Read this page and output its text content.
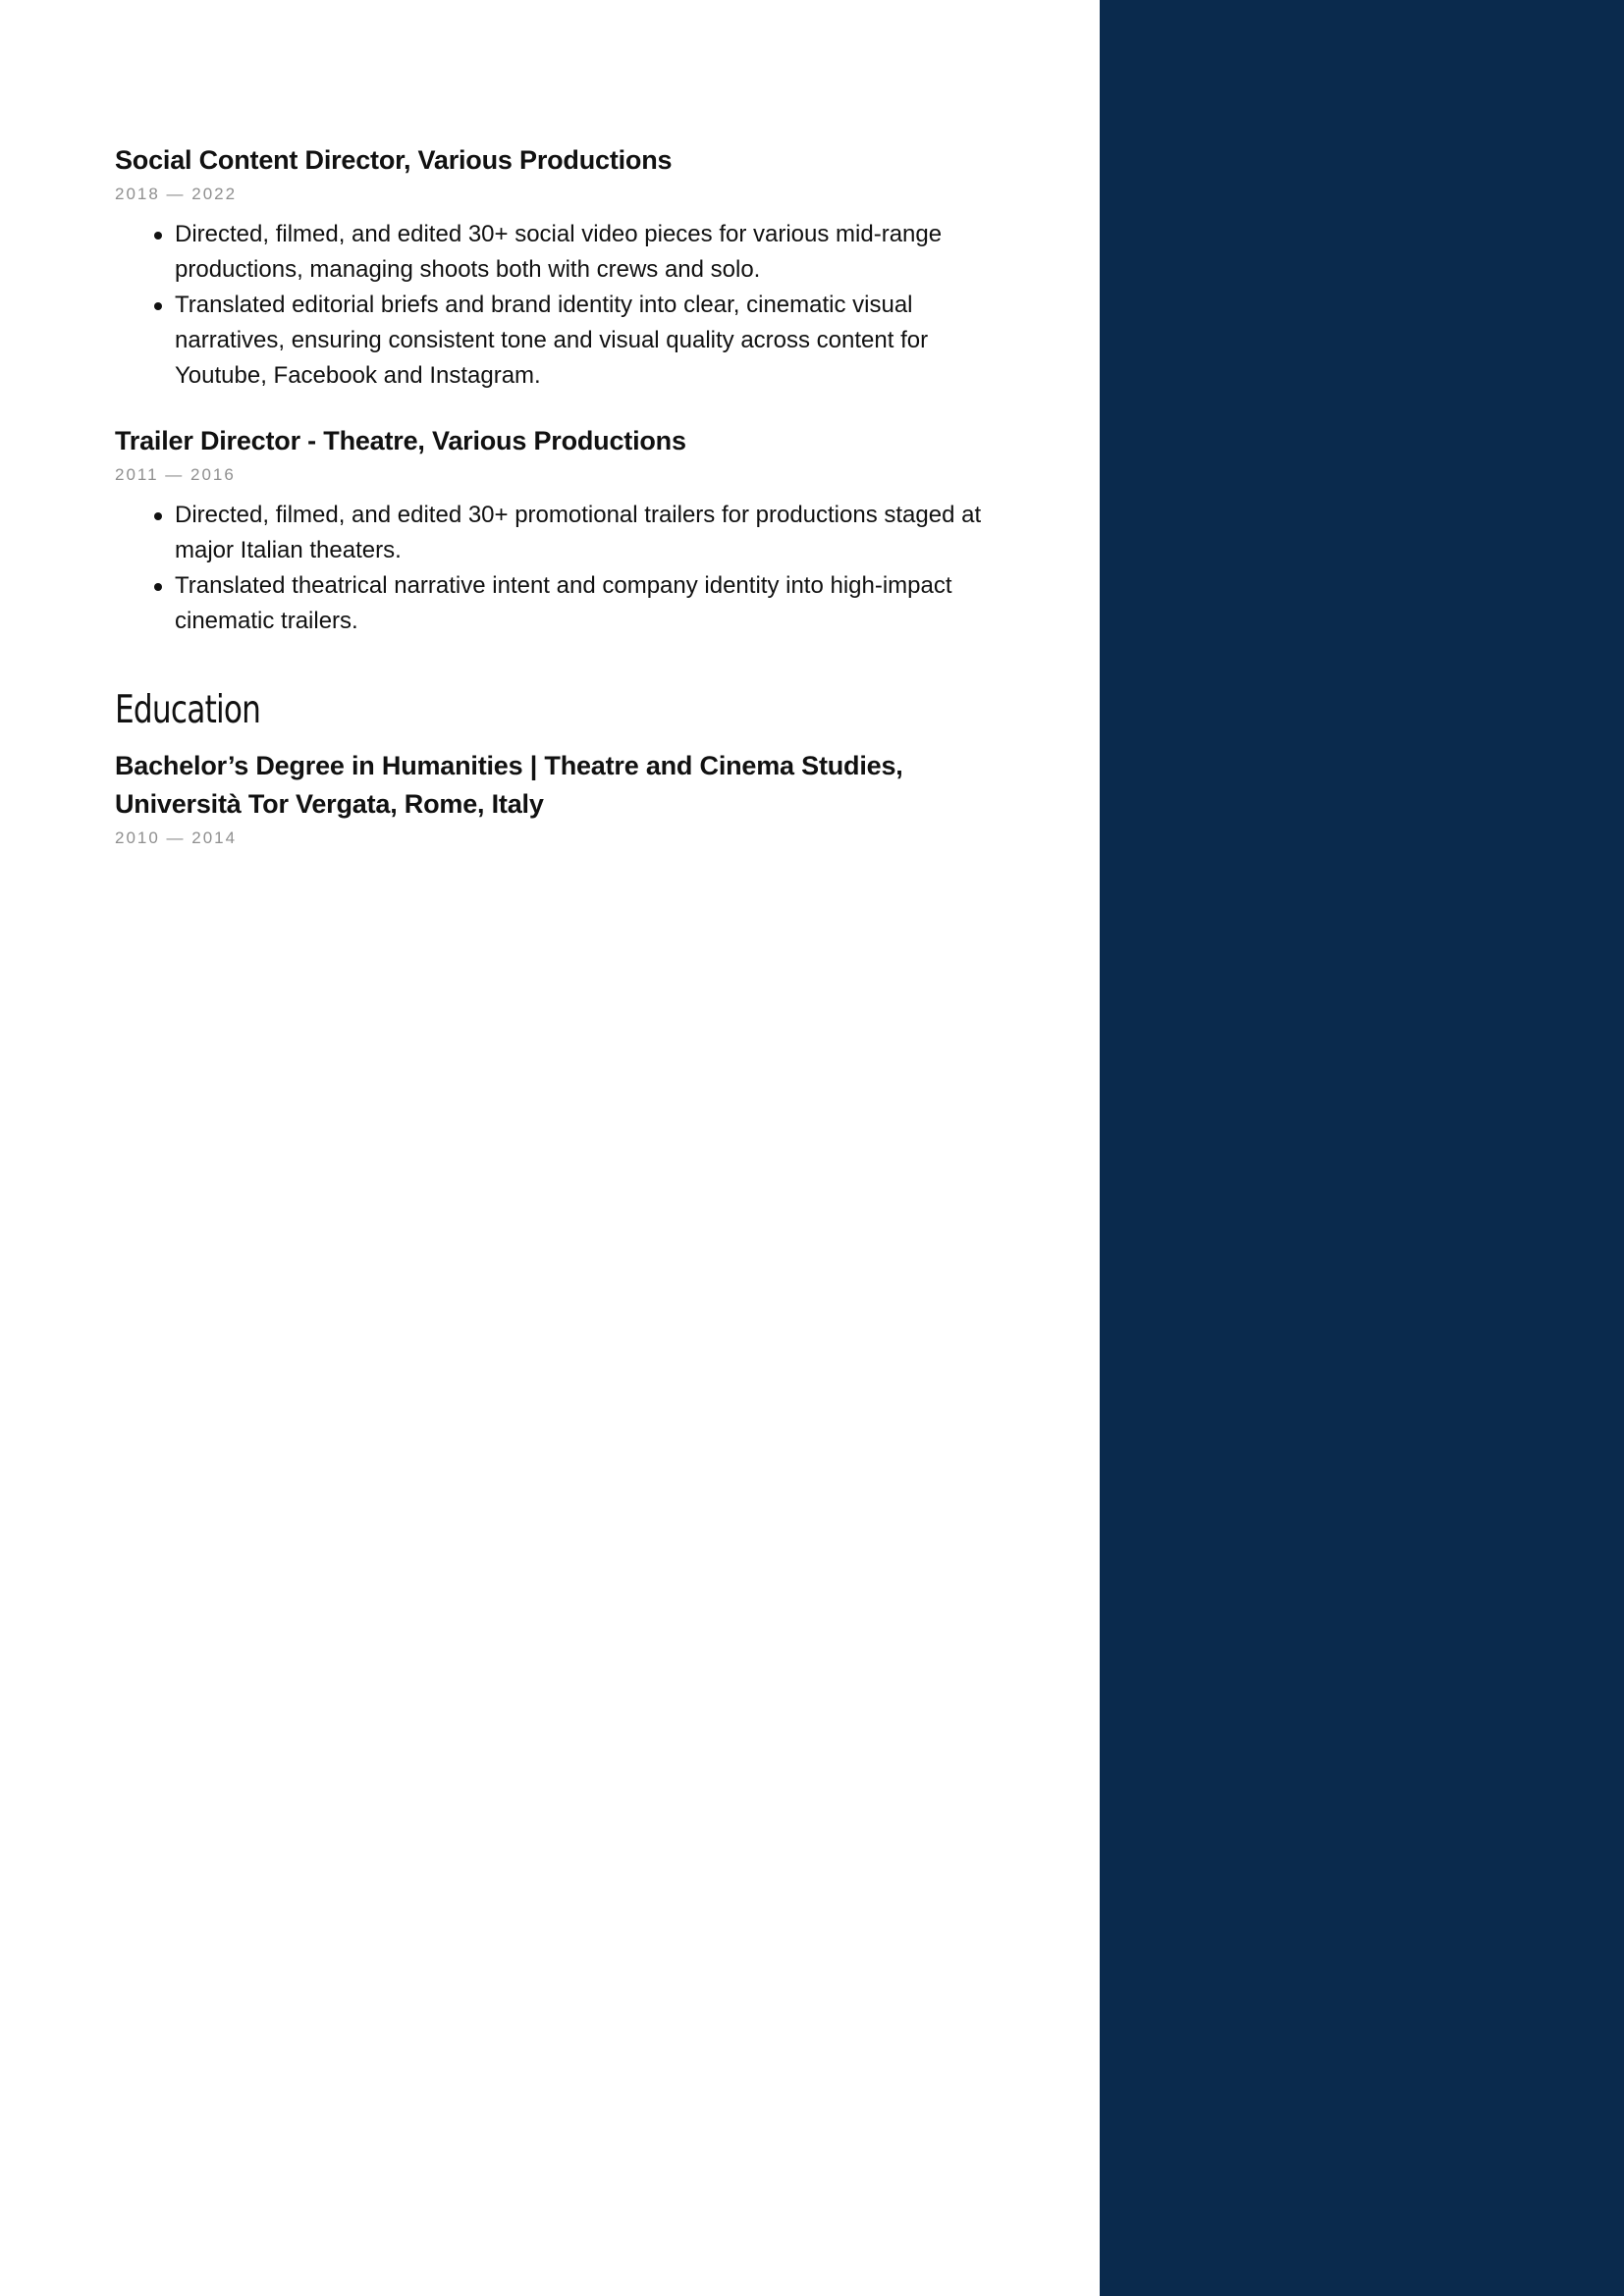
Social Content Director, Various Productions
2018 — 2022
Directed, filmed, and edited 30+ social video pieces for various mid-range productions, managing shoots both with crews and solo.
Translated editorial briefs and brand identity into clear, cinematic visual narratives, ensuring consistent tone and visual quality across content for Youtube, Facebook and Instagram.
Trailer Director - Theatre, Various Productions
2011 — 2016
Directed, filmed, and edited 30+ promotional trailers for productions staged at major Italian theaters.
Translated theatrical narrative intent and company identity into high-impact cinematic trailers.
Education
Bachelor’s Degree in Humanities | Theatre and Cinema Studies, Università Tor Vergata, Rome, Italy
2010 — 2014
